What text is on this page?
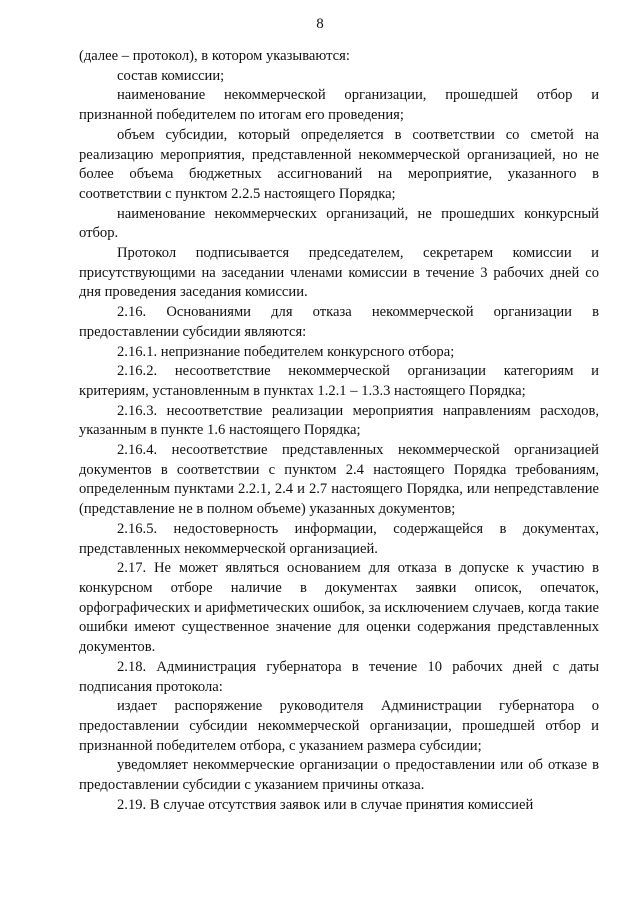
8

(далее – протокол), в котором указываются:

состав комиссии;

наименование некоммерческой организации, прошедшей отбор и признанной победителем по итогам его проведения;

объем субсидии, который определяется в соответствии со сметой на реализацию мероприятия, представленной некоммерческой организацией, но не более объема бюджетных ассигнований на мероприятие, указанного в соответствии с пунктом 2.2.5 настоящего Порядка;

наименование некоммерческих организаций, не прошедших конкурсный отбор.

Протокол подписывается председателем, секретарем комиссии и присутствующими на заседании членами комиссии в течение 3 рабочих дней со дня проведения заседания комиссии.

2.16. Основаниями для отказа некоммерческой организации в предоставлении субсидии являются:

2.16.1. непризнание победителем конкурсного отбора;

2.16.2. несоответствие некоммерческой организации категориям и критериям, установленным в пунктах 1.2.1 – 1.3.3 настоящего Порядка;

2.16.3. несоответствие реализации мероприятия направлениям расходов, указанным в пункте 1.6 настоящего Порядка;

2.16.4. несоответствие представленных некоммерческой организацией документов в соответствии с пунктом 2.4 настоящего Порядка требованиям, определенным пунктами 2.2.1, 2.4 и 2.7 настоящего Порядка, или непредставление (представление не в полном объеме) указанных документов;

2.16.5. недостоверность информации, содержащейся в документах, представленных некоммерческой организацией.

2.17. Не может являться основанием для отказа в допуске к участию в конкурсном отборе наличие в документах заявки описок, опечаток, орфографических и арифметических ошибок, за исключением случаев, когда такие ошибки имеют существенное значение для оценки содержания представленных документов.

2.18. Администрация губернатора в течение 10 рабочих дней с даты подписания протокола:

издает распоряжение руководителя Администрации губернатора о предоставлении субсидии некоммерческой организации, прошедшей отбор и признанной победителем отбора, с указанием размера субсидии;

уведомляет некоммерческие организации о предоставлении или об отказе в предоставлении субсидии с указанием причины отказа.

2.19. В случае отсутствия заявок или в случае принятия комиссией
